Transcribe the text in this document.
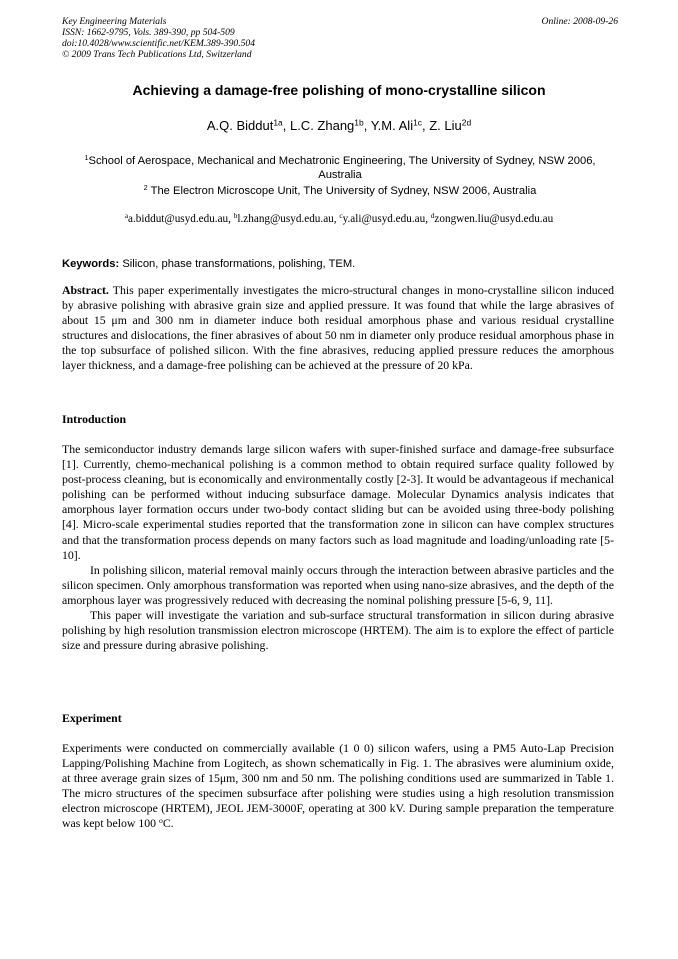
Key Engineering Materials
ISSN: 1662-9795, Vols. 389-390, pp 504-509
doi:10.4028/www.scientific.net/KEM.389-390.504
© 2009 Trans Tech Publications Ltd, Switzerland
Online: 2008-09-26
Achieving a damage-free polishing of mono-crystalline silicon
A.Q. Biddut$^{1a}$, L.C. Zhang$^{1b}$, Y.M. Ali$^{1c}$, Z. Liu$^{2d}$
$^1$School of Aerospace, Mechanical and Mechatronic Engineering, The University of Sydney, NSW 2006, Australia
$^2$ The Electron Microscope Unit, The University of Sydney, NSW 2006, Australia
$^a$a.biddut@usyd.edu.au, $^b$l.zhang@usyd.edu.au, $^c$y.ali@usyd.edu.au, $^d$zongwen.liu@usyd.edu.au
Keywords: Silicon, phase transformations, polishing, TEM.
Abstract. This paper experimentally investigates the micro-structural changes in mono-crystalline silicon induced by abrasive polishing with abrasive grain size and applied pressure. It was found that while the large abrasives of about 15 μm and 300 nm in diameter induce both residual amorphous phase and various residual crystalline structures and dislocations, the finer abrasives of about 50 nm in diameter only produce residual amorphous phase in the top subsurface of polished silicon. With the fine abrasives, reducing applied pressure reduces the amorphous layer thickness, and a damage-free polishing can be achieved at the pressure of 20 kPa.
Introduction

The semiconductor industry demands large silicon wafers with super-finished surface and damage-free subsurface [1]. Currently, chemo-mechanical polishing is a common method to obtain required surface quality followed by post-process cleaning, but is economically and environmentally costly [2-3]. It would be advantageous if mechanical polishing can be performed without inducing subsurface damage. Molecular Dynamics analysis indicates that amorphous layer formation occurs under two-body contact sliding but can be avoided using three-body polishing [4]. Micro-scale experimental studies reported that the transformation zone in silicon can have complex structures and that the transformation process depends on many factors such as load magnitude and loading/unloading rate [5-10].

In polishing silicon, material removal mainly occurs through the interaction between abrasive particles and the silicon specimen. Only amorphous transformation was reported when using nano-size abrasives, and the depth of the amorphous layer was progressively reduced with decreasing the nominal polishing pressure [5-6, 9, 11].

This paper will investigate the variation and sub-surface structural transformation in silicon during abrasive polishing by high resolution transmission electron microscope (HRTEM). The aim is to explore the effect of particle size and pressure during abrasive polishing.

Experiment

Experiments were conducted on commercially available (1 0 0) silicon wafers, using a PM5 Auto-Lap Precision Lapping/Polishing Machine from Logitech, as shown schematically in Fig. 1. The abrasives were aluminium oxide, at three average grain sizes of 15μm, 300 nm and 50 nm. The polishing conditions used are summarized in Table 1. The micro structures of the specimen subsurface after polishing were studies using a high resolution transmission electron microscope (HRTEM), JEOL JEM-3000F, operating at 300 kV. During sample preparation the temperature was kept below 100 $^o$C.
